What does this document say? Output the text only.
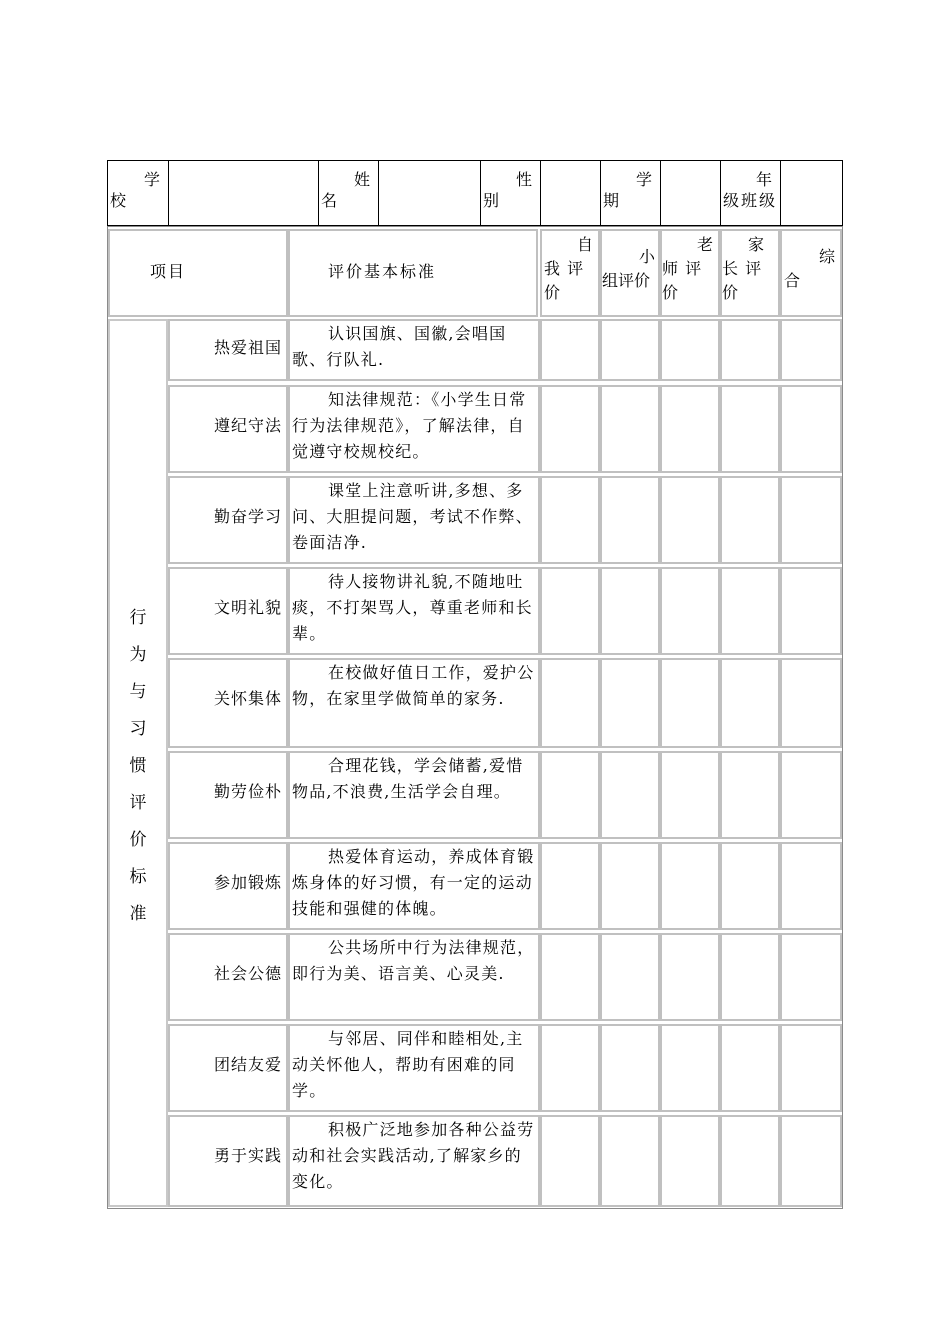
学
校
姓
名
性
别
学
期
年
级班级
项目	评价基本标准
自
我 评
价
小
组评价
老
师 评
价
家
长 评
价
综
合
行
为
与
习
惯
评
价
标
准
热爱祖国
认识国旗、国徽,会唱国歌、行队礼.
遵纪守法
知法律规范：《小学生日常行为法律规范》，了解法律，自觉遵守校规校纪。
勤奋学习
课堂上注意听讲,多想、多问、大胆提问题，考试不作弊、卷面洁净.
文明礼貌
待人接物讲礼貌,不随地吐痰，不打架骂人，尊重老师和长辈。
关怀集体
在校做好值日工作，爱护公物，在家里学做简单的家务.
勤劳俭朴
合理花钱，学会储蓄,爱惜物品,不浪费,生活学会自理。
参加锻炼
热爱体育运动，养成体育锻炼身体的好习惯，有一定的运动技能和强健的体魄。
社会公德
公共场所中行为法律规范，即行为美、语言美、心灵美.
团结友爱
与邻居、同伴和睦相处,主动关怀他人，帮助有困难的同学。
勇于实践
积极广泛地参加各种公益劳动和社会实践活动,了解家乡的变化。
